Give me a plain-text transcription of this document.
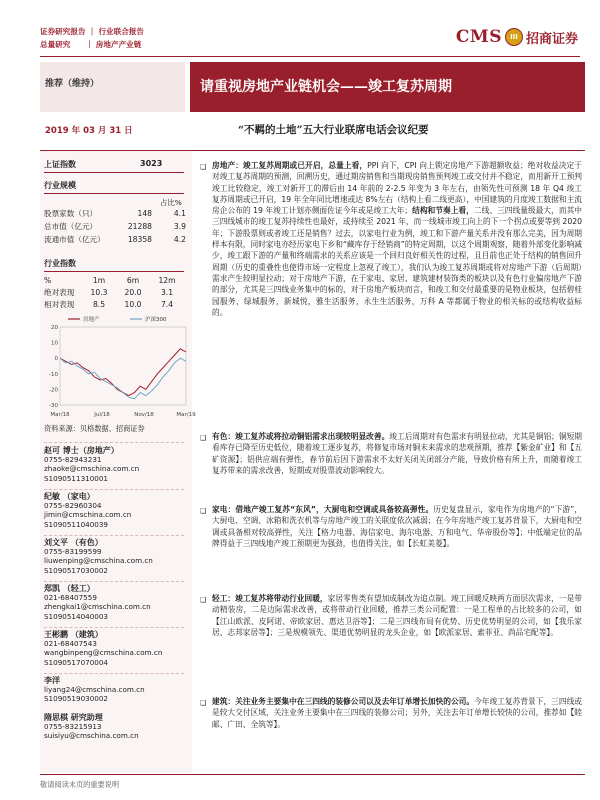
证券研究报告 ｜ 行业联合报告
总量研究　　｜ 房地产产业链	CMS	III 招商证券
推荐（维持）	请重视房地产业链机会——竣工复苏周期
2019 年 03 月 31 日	“不羁的土地”五大行业联席电话会议纪要
上证指数	3023
行业规模
占比%
股票家数（只）	148	4.1
总市值（亿元）	21288	3.9
流通市值（亿元）	18358	4.2
行业指数
%	1m	6m	12m
绝对表现	10.3	20.0	3.1
相对表现	8.5	10.0	7.4
20
10
0
-10
-20
-30
Mar/18	Jul/18	Nov/18	Mar/19
房地产	沪深300
资料来源：贝格数据、招商证券
赵可 博士（房地产）
0755-82943231
zhaoke@cmschina.com.cn
S1090511310001
纪敏 （家电）
0755-82960304
jimin@cmschina.com.cn
S1090511040039
刘文平 （有色）
0755-83199599
liuwenping@cmschina.com.cn
S1090517030002
郑凯 （轻工）
021-68407559
zhengkai1@cmschina.com.cn
S1090514040003
王彬鹏 （建筑）
021-68407543
wangbinpeng@cmschina.com.cn
S1090517070004
李洋
liyang24@cmschina.com.cn
S1090519030002
隋思棋 研究助理
0755-83215913
suisiyu@cmschina.com.cn
❑ 房地产：竣工复苏周期或已开启，总量上看，PPI 向下，CPI 向上锁定房地产下游超额收益；绝对收益决定于对竣工复苏周期的预测，回溯历史，通过期房销售和当期现房销售预判竣工或交付并不稳定，而用新开工预判竣工比较稳定，竣工对新开工的滞后由 14 年前的 2-2.5 年变为 3 年左右，由领先性可预测 18 年 Q4 竣工复苏周期或已开启，19 年全年同比增速或达 8%左右（结构上看二线更高），中国建筑的月度竣工数据和主流房企公布的 19 年竣工计划亦侧面佐证今年或是竣工大年；结构和节奏上看，二线、三四线量级最大，而其中三四线城市的竣工复苏持续性也最好，或持续至 2021 年，而一线城市竣工向上的下一个拐点或要等到 2020 年；下游股票则或者竣工还是销售？过去，以家电行业为例，竣工和下游产量关系并没有那么完美，因为周期样本有限，同时家电亦经历家电下乡和“藏库存于经销商”的特定周期，以这个周期观察，随着外部变化影响减少，竣工跟下游的产量和终端需求的关系应该是一个回归良好相关性的过程，且目前也正处于结构的销售回升周期（历史的重叠性也使得市场一定程度上忽视了竣工），我们认为竣工复苏周期或将对房地产下游（后周期）需求产生较明显拉动；对于房地产下游，在于家电、家居、建筑建材装饰类的板块以及有色行业偏房地产下游的部分，尤其是三四线业务集中的标的，对于房地产板块而言，和竣工和交付最重要的是物业板块，包括碧桂园服务，绿城服务，新城悦，雅生活服务，永生生活服务，万科 A 等都属于物业的相关标的或结构收益标的。
❑ 有色：竣工复苏或将拉动铜铝需求出现较明显改善。竣工后周期对有色需求有明显拉动，尤其是铜铝；铜短期看库存已降至历史低位，随着竣工逐步复苏，将修复市场对铜未来需求的悲观预期，推荐【紫金矿业】和【五矿资源】；铝供应端有弹性，春节前后因下游需求不太好关闭关闭部分产能，导致价格有所上升，而随着竣工复苏带来的需求改善，短期或对股票波动影响较大。
❑ 家电：借地产竣工复苏“东风”，大厨电和空调或具备较高弹性。历史复盘显示，家电作为房地产的“下游”，大厨电、空调、冰箱和洗衣机等与房地产竣工的关联度依次减弱；在今年房地产竣工复苏背景下，大厨电和空调或具备相对较高弹性，关注【格力电器、海信家电、海尔电器、万和电气、华帝股份等】；中低端定位的品牌得益于三四线地产竣工预期更为强劲，也值得关注，如【长虹美菱】。
❑ 轻工：竣工复苏将带动行业回暖，家居零售类有望加成制改为追点制。竣工回暖反映两方面层次需求，一是带动精装房，二是边际需求改善，或将带动行业回暖，推荐三类公司配置：一是工程单的占比较多的公司，如【江山欧派、皮阿诺、帝欧家居、惠达卫浴等】；二是三四线布局有优势、历史优势明显的公司，如【我乐家居、志邦家居等】；三是规模领先、渠道优势明显的龙头企业，如【欧派家居、索菲亚、尚品宅配等】。
❑ 建筑：关注业务主要集中在三四线的装修公司以及去年订单增长加快的公司。今年竣工复苏背景下，三四线或是较大交付区域，关注业务主要集中在三四线的装修公司；另外，关注去年订单增长较快的公司，推荐如【睦邮、广田、全筑等】。
敬请阅读末页的重要说明
